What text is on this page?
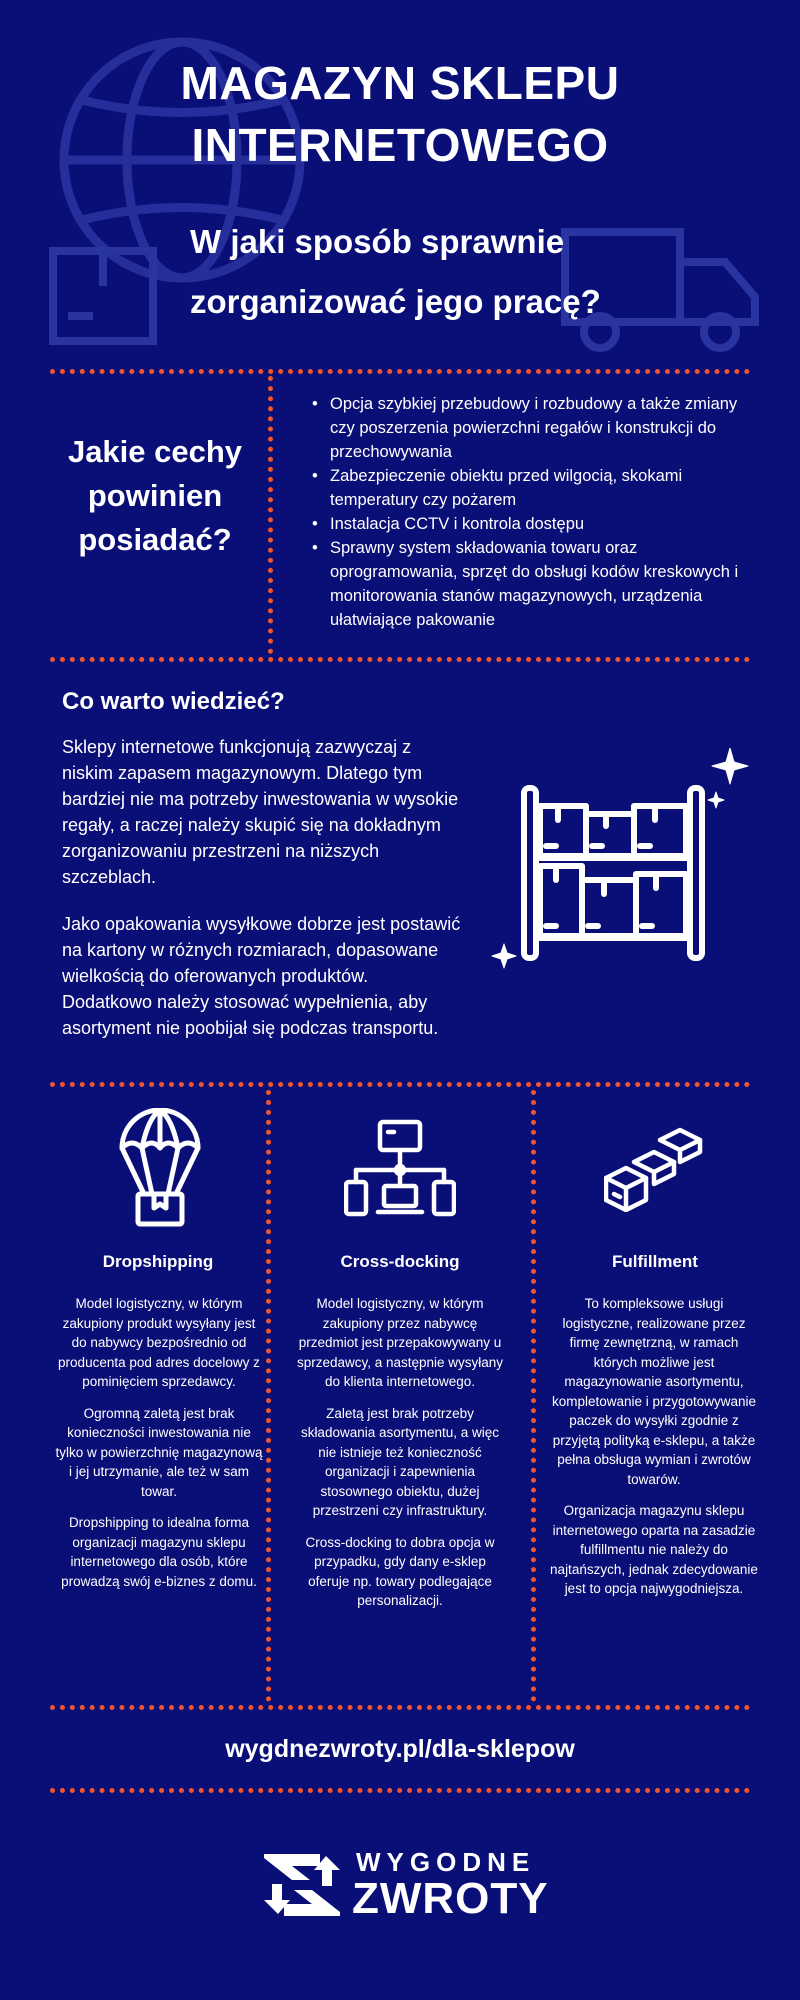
MAGAZYN SKLEPU
INTERNETOWEGO
W jaki sposób sprawnie
zorganizować jego pracę?
Jakie cechy
powinien
posiadać?
• Opcja szybkiej przebudowy i rozbudowy a także zmiany czy poszerzenia powierzchni regałów i konstrukcji do przechowywania
• Zabezpieczenie obiektu przed wilgocią, skokami temperatury czy pożarem
• Instalacja CCTV i kontrola dostępu
• Sprawny system składowania towaru oraz oprogramowania, sprzęt do obsługi kodów kreskowych i monitorowania stanów magazynowych, urządzenia ułatwiające pakowanie
Co warto wiedzieć?
Sklepy internetowe funkcjonują zazwyczaj z niskim zapasem magazynowym. Dlatego tym bardziej nie ma potrzeby inwestowania w wysokie regały, a raczej należy skupić się na dokładnym zorganizowaniu przestrzeni na niższych szczeblach.
Jako opakowania wysyłkowe dobrze jest postawić na kartony w różnych rozmiarach, dopasowane wielkością do oferowanych produktów. Dodatkowo należy stosować wypełnienia, aby asortyment nie poobijał się podczas transportu.
Dropshipping	Cross-docking	Fulfillment

Model logistyczny, w którym zakupiony produkt wysyłany jest do nabywcy bezpośrednio od producenta pod adres docelowy z pominięciem sprzedawcy.

Ogromną zaletą jest brak konieczności inwestowania nie tylko w powierzchnię magazynową i jej utrzymanie, ale też w sam towar.

Dropshipping to idealna forma organizacji magazynu sklepu internetowego dla osób, które prowadzą swój e-biznes z domu.

Model logistyczny, w którym zakupiony przez nabywcę przedmiot jest przepakowywany u sprzedawcy, a następnie wysyłany do klienta internetowego.

Zaletą jest brak potrzeby składowania asortymentu, a więc nie istnieje też konieczność organizacji i zapewnienia stosownego obiektu, dużej przestrzeni czy infrastruktury.

Cross-docking to dobra opcja w przypadku, gdy dany e-sklep oferuje np. towary podlegające personalizacji.

To kompleksowe usługi logistyczne, realizowane przez firmę zewnętrzną, w ramach których możliwe jest magazynowanie asortymentu, kompletowanie i przygotowywanie paczek do wysyłki zgodnie z przyjętą polityką e-sklepu, a także pełna obsługa wymian i zwrotów towarów.

Organizacja magazynu sklepu internetowego oparta na zasadzie fulfillmentu nie należy do najtańszych, jednak zdecydowanie jest to opcja najwygodniejsza.

wygdnezwroty.pl/dla-sklepow
WYGODNE
ZWROTY
